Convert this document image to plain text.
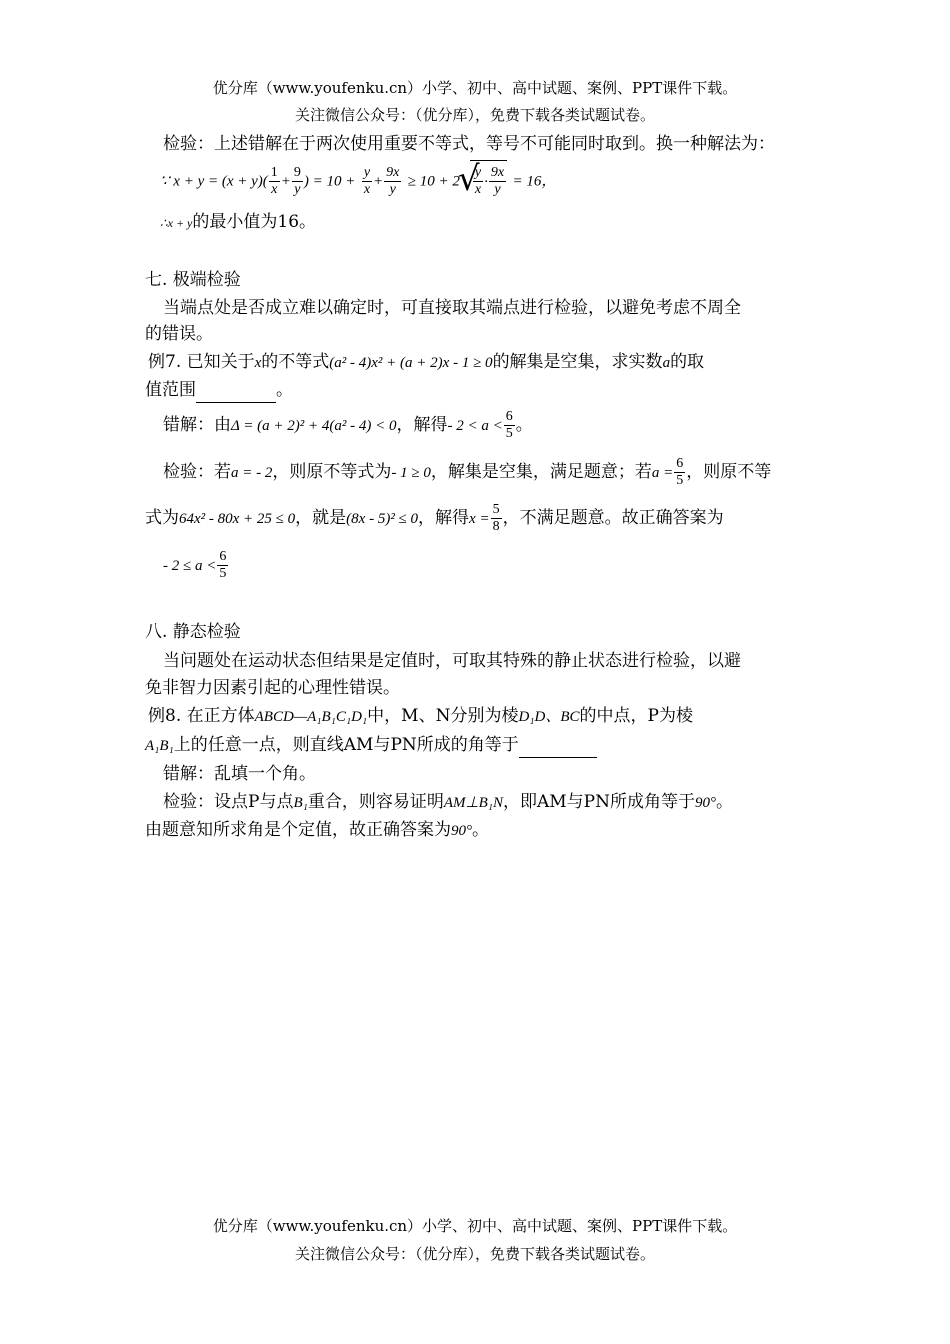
优分库（www.youfenku.cn）小学、初中、高中试题、案例、PPT课件下载。
关注微信公众号：（优分库），免费下载各类试题试卷。
检验：上述错解在于两次使用重要不等式，等号不可能同时取到。换一种解法为：
∵ $x + y = (x + y)( \frac{1}{x} + \frac{9}{y}$ ) = $10 + \frac{y}{x} + \frac{9x}{y} \ge 10 + 2$
√ $\frac{y}{x} \cdot \frac{9x}{y} = 16$，
∴x + y的最小值为16。
七. 极端检验
当端点处是否成立难以确定时，可直接取其端点进行检验，以避免考虑不周全
的错误。
例7. 已知关于x的不等式(a² - 4)x² + (a + 2)x - 1 ≥ 0的解集是空集，求实数a的取
值范围	。
错解：由Δ = (a + 2)² + 4(a² - 4) < 0，解得- $2 < a < \frac{6}{5}$ 。
检验：若a = - 2，则原不等式为- 1 ≥ 0，解集是空集，满足题意；若$a = \frac{6}{5}$ ，则原不等
式为64x² - 80x + 25 ≤ 0，就是(8x - 5)² ≤ 0，解得$x = \frac{5}{8}$ ，不满足题意。故正确答案为
- $2 \le a < \frac{6}{5}$
八. 静态检验
当问题处在运动状态但结果是定值时，可取其特殊的静止状态进行检验，以避
免非智力因素引起的心理性错误。
例8. 在正方体ABCD—A₁B₁C₁D₁中，M、N分别为棱D₁D、BC的中点，P为棱
A₁B₁上的任意一点，则直线AM与PN所成的角等于
错解：乱填一个角。
检验：设点P与点B₁重合，则容易证明AM⊥B₁N，即AM与PN所成角等于90°。
由题意知所求角是个定值，故正确答案为90°。
优分库（www.youfenku.cn）小学、初中、高中试题、案例、PPT课件下载。
关注微信公众号：（优分库），免费下载各类试题试卷。
